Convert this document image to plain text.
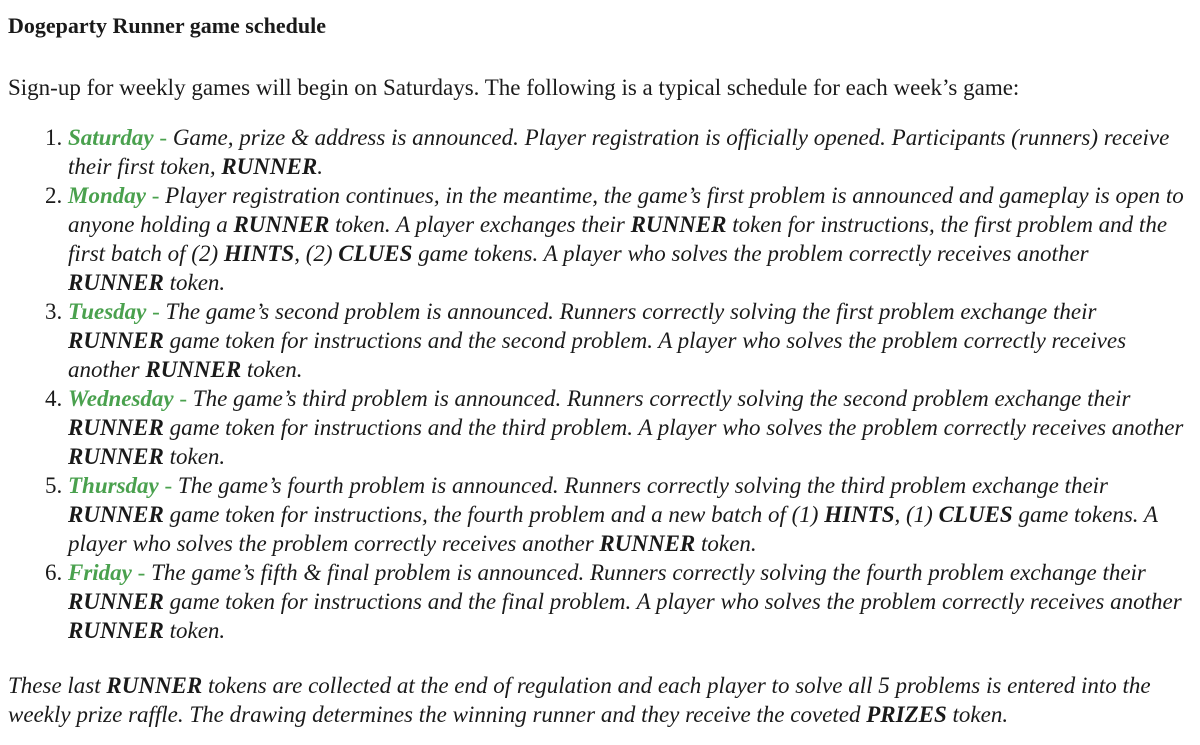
Dogeparty Runner game schedule

Sign-up for weekly games will begin on Saturdays. The following is a typical schedule for each week’s game:

1. Saturday - Game, prize & address is announced. Player registration is officially opened. Participants (runners) receive their first token, RUNNER.
2. Monday - Player registration continues, in the meantime, the game’s first problem is announced and gameplay is open to anyone holding a RUNNER token. A player exchanges their RUNNER token for instructions, the first problem and the first batch of (2) HINTS, (2) CLUES game tokens. A player who solves the problem correctly receives another RUNNER token.
3. Tuesday - The game’s second problem is announced. Runners correctly solving the first problem exchange their RUNNER game token for instructions and the second problem. A player who solves the problem correctly receives another RUNNER token.
4. Wednesday - The game’s third problem is announced. Runners correctly solving the second problem exchange their RUNNER game token for instructions and the third problem. A player who solves the problem correctly receives another RUNNER token.
5. Thursday - The game’s fourth problem is announced. Runners correctly solving the third problem exchange their RUNNER game token for instructions, the fourth problem and a new batch of (1) HINTS, (1) CLUES game tokens. A player who solves the problem correctly receives another RUNNER token.
6. Friday - The game’s fifth & final problem is announced. Runners correctly solving the fourth problem exchange their RUNNER game token for instructions and the final problem. A player who solves the problem correctly receives another RUNNER token.

These last RUNNER tokens are collected at the end of regulation and each player to solve all 5 problems is entered into the weekly prize raffle. The drawing determines the winning runner and they receive the coveted PRIZES token.
